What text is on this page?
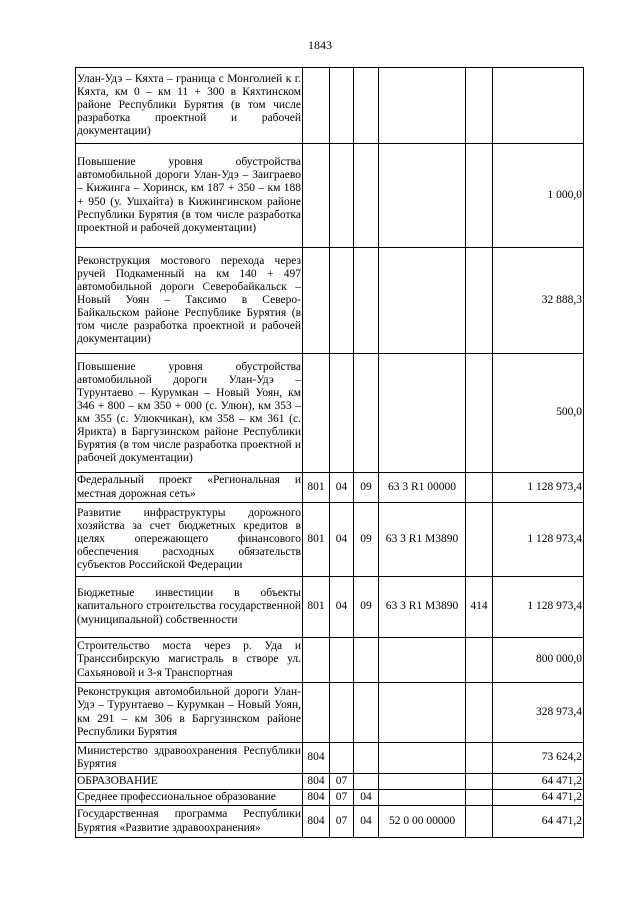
1843
Улан-Удэ – Кяхта – граница с Монголией к г. Кяхта, км 0 – км 11 + 300 в Кяхтинском районе Республики Бурятия (в том числе разработка проектной и рабочей документации)						
Повышение уровня обустройства автомобильной дороги Улан-Удэ – Заиграево – Кижинга – Хоринск, км 187 + 350 – км 188 + 950 (у. Ушхайта) в Кижингинском районе Республики Бурятия (в том числе разработка проектной и рабочей документации)						1 000,0
Реконструкция мостового перехода через ручей Подкаменный на км 140 + 497 автомобильной дороги Северобайкальск – Новый Уоян – Таксимо в Северо-Байкальском районе Республике Бурятия (в том числе разработка проектной и рабочей документации)						32 888,3
Повышение уровня обустройства автомобильной дороги Улан-Удэ – Турунтаево – Курумкан – Новый Уоян, км 346 + 800 – км 350 + 000 (с. Улюн), км 353 – км 355 (с. Улюкчикан), км 358 – км 361 (с. Ярикта) в Баргузинском районе Республики Бурятия (в том числе разработка проектной и рабочей документации)						500,0
Федеральный проект «Региональная и местная дорожная сеть»	801	04	09	63 3 R1 00000		1 128 973,4
Развитие инфраструктуры дорожного хозяйства за счет бюджетных кредитов в целях опережающего финансового обеспечения расходных обязательств субъектов Российской Федерации	801	04	09	63 3 R1 М3890		1 128 973,4
Бюджетные инвестиции в объекты капитального строительства государственной (муниципальной) собственности	801	04	09	63 3 R1 М3890	414	1 128 973,4
Строительство моста через р. Уда и Транссибирскую магистраль в створе ул. Сахьяновой и 3-я Транспортная						800 000,0
Реконструкция автомобильной дороги Улан-Удэ – Турунтаево – Курумкан – Новый Уоян, км 291 – км 306 в Баргузинском районе Республики Бурятия						328 973,4
Министерство здравоохранения Республики Бурятия	804					73 624,2
ОБРАЗОВАНИЕ	804	07				64 471,2
Среднее профессиональное образование	804	07	04			64 471,2
Государственная программа Республики Бурятия «Развитие здравоохранения»	804	07	04	52 0 00 00000		64 471,2
